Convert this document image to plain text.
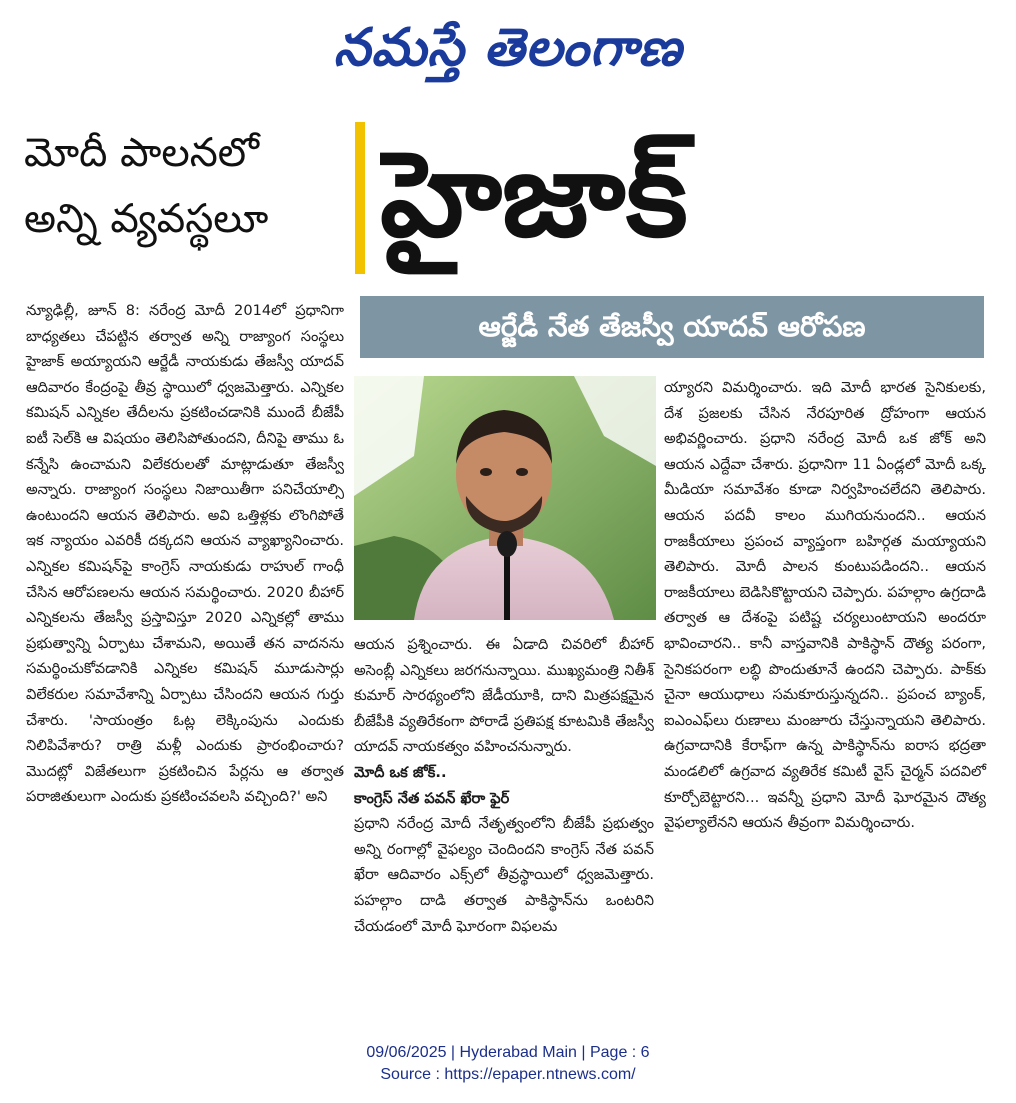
నమస్తే తెలంగాణ
మోదీ పాలనలో
అన్ని వ్యవస్థలూ హైజాక్
ఆర్జేడీ నేత తేజస్వీ యాదవ్ ఆరోపణ

న్యూఢిల్లీ, జూన్ 8: నరేంద్ర మోదీ 2014లో ప్రధానిగా బాధ్యతలు చేపట్టిన తర్వాత అన్ని రాజ్యాంగ సంస్థలు హైజాక్ అయ్యాయని ఆర్జేడీ నాయకుడు తేజస్వీ యాదవ్ ఆదివారం కేంద్రంపై తీవ్ర స్థాయిలో ధ్వజమెత్తారు. ఎన్నికల కమిషన్ ఎన్నికల తేదీలను ప్రకటించడానికి ముందే బీజేపీ ఐటీ సెల్‌కి ఆ విషయం తెలిసిపోతుందని, దీనిపై తాము ఓ కన్నేసి ఉంచామని విలేకరులతో మాట్లాడుతూ తేజస్వీ అన్నారు. రాజ్యాంగ సంస్థలు నిజాయితీగా పనిచేయాల్సి ఉంటుందని ఆయన తెలిపారు. అవి ఒత్తిళ్లకు లొంగిపోతే ఇక న్యాయం ఎవరికీ దక్కదని ఆయన వ్యాఖ్యానించారు. ఎన్నికల కమిషన్‌పై కాంగ్రెస్ నాయకుడు రాహుల్ గాంధీ చేసిన ఆరోపణలను ఆయన సమర్థించారు. 2020 బీహార్ ఎన్నికలను తేజస్వీ ప్రస్తావిస్తూ 2020 ఎన్నికల్లో తాము ప్రభుత్వాన్ని ఏర్పాటు చేశామని, అయితే తన వాదనను సమర్థించుకోవడానికి ఎన్నికల కమిషన్ మూడుసార్లు విలేకరుల సమావేశాన్ని ఏర్పాటు చేసిందని ఆయన గుర్తు చేశారు. 'సాయంత్రం ఓట్ల లెక్కింపును ఎందుకు నిలిపివేశారు? రాత్రి మళ్లీ ఎందుకు ప్రారంభించారు? మొదట్లో విజేతలుగా ప్రకటించిన పేర్లను ఆ తర్వాత పరాజితులుగా ఎందుకు ప్రకటించవలసి వచ్చింది?' అని

ఆయన ప్రశ్నించారు. ఈ ఏడాది చివరిలో బీహార్ అసెంబ్లీ ఎన్నికలు జరగనున్నాయి. ముఖ్యమంత్రి నితీశ్ కుమార్ సారథ్యంలోని జేడీయూకి, దాని మిత్రపక్షమైన బీజేపీకి వ్యతిరేకంగా పోరాడే ప్రతిపక్ష కూటమికి తేజస్వీ యాదవ్ నాయకత్వం వహించనున్నారు.

మోదీ ఒక జోక్..

కాంగ్రెస్ నేత పవన్ ఖేరా ఫైర్

ప్రధాని నరేంద్ర మోదీ నేతృత్వంలోని బీజేపీ ప్రభుత్వం అన్ని రంగాల్లో వైఫల్యం చెందిందని కాంగ్రెస్ నేత పవన్ ఖేరా ఆదివారం ఎక్స్‌లో తీవ్రస్థాయిలో ధ్వజమెత్తారు. పహల్గాం దాడి తర్వాత పాకిస్థాన్‌ను ఒంటరిని చేయడంలో మోదీ ఘోరంగా విఫలమ

య్యారని విమర్శించారు. ఇది మోదీ భారత సైనికులకు, దేశ ప్రజలకు చేసిన నేరపూరిత ద్రోహంగా ఆయన అభివర్ణించారు. ప్రధాని నరేంద్ర మోదీ ఒక జోక్ అని ఆయన ఎద్దేవా చేశారు. ప్రధానిగా 11 ఏండ్లలో మోదీ ఒక్క మీడియా సమావేశం కూడా నిర్వహించలేదని తెలిపారు. ఆయన పదవీ కాలం ముగియనుందని.. ఆయన రాజకీయాలు ప్రపంచ వ్యాప్తంగా బహిర్గత మయ్యాయని తెలిపారు. మోదీ పాలన కుంటుపడిందని.. ఆయన రాజకీయాలు బెడిసికొట్టాయని చెప్పారు. పహల్గాం ఉగ్రదాడి తర్వాత ఆ దేశంపై పటిష్ట చర్యలుంటాయని అందరూ భావించారని.. కానీ వాస్తవానికి పాకిస్థాన్ దౌత్య పరంగా, సైనికపరంగా లబ్ధి పొందుతూనే ఉందని చెప్పారు. పాక్‌కు చైనా ఆయుధాలు సమకూరుస్తున్నదని.. ప్రపంచ బ్యాంక్, ఐఎంఎఫ్‌లు రుణాలు మంజూరు చేస్తున్నాయని తెలిపారు. ఉగ్రవాదానికి కేరాఫ్‌గా ఉన్న పాకిస్థాన్‌ను ఐరాస భద్రతా మండలిలో ఉగ్రవాద వ్యతిరేక కమిటీ వైస్ చైర్మన్ పదవిలో కూర్చోబెట్టారని... ఇవన్నీ ప్రధాని మోదీ ఘోరమైన దౌత్య వైఫల్యాలేనని ఆయన తీవ్రంగా విమర్శించారు.

09/06/2025 | Hyderabad Main | Page : 6
Source : https://epaper.ntnews.com/
